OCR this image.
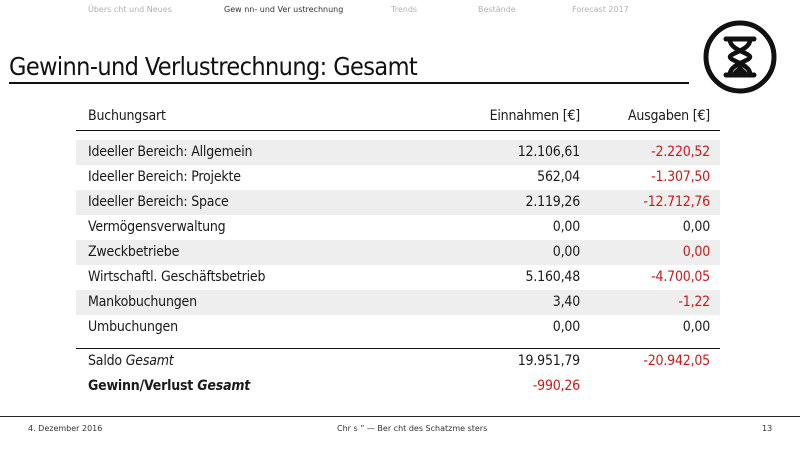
Übers cht und Neues	Gew nn- und Ver ustrechnung	Trends	Bestände	Forecast 2017
Gewinn-und Verlustrechnung: Gesamt
Buchungsart	Einnahmen [€]	Ausgaben [€]
Ideeller Bereich: Allgemein	12.106,61	-2.220,52
Ideeller Bereich: Projekte	562,04	-1.307,50
Ideeller Bereich: Space	2.119,26	-12.712,76
Vermögensverwaltung	0,00	0,00
Zweckbetriebe	0,00	0,00
Wirtschaftl. Geschäftsbetrieb	5.160,48	-4.700,05
Mankobuchungen	3,40	-1,22
Umbuchungen	0,00	0,00
Saldo Gesamt	19.951,79	-20.942,05
Gewinn/Verlust Gesamt	-990,26
4. Dezember 2016	Chr s ” — Ber cht des Schatzme sters	13
